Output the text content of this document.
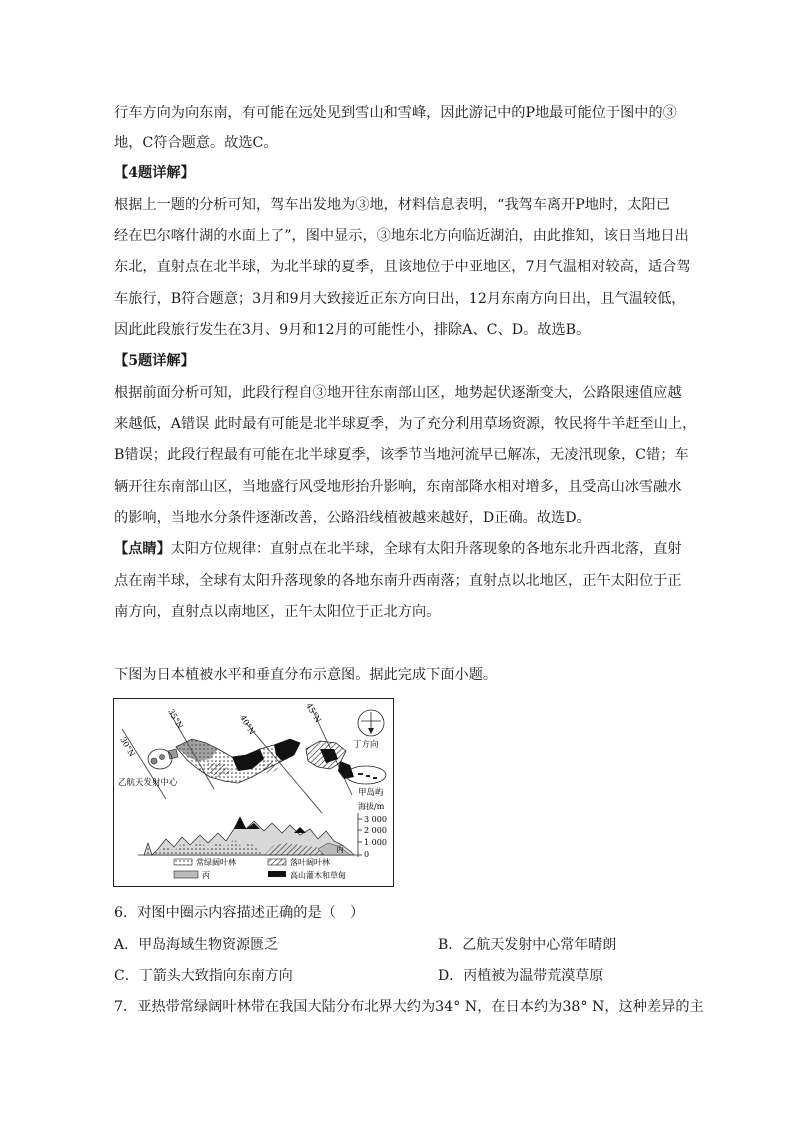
行车方向为向东南，有可能在远处见到雪山和雪峰，因此游记中的P地最可能位于图中的③
地，C符合题意。故选C。
【4题详解】
根据上一题的分析可知，驾车出发地为③地，材料信息表明，“我驾车离开P地时，太阳已
经在巴尔喀什湖的水面上了”，图中显示，③地东北方向临近湖泊，由此推知，该日当地日出
东北，直射点在北半球，为北半球的夏季，且该地位于中亚地区，7月气温相对较高，适合驾
车旅行，B符合题意；3月和9月大致接近正东方向日出，12月东南方向日出，且气温较低，
因此此段旅行发生在3月、9月和12月的可能性小，排除A、C、D。故选B。
【5题详解】
根据前面分析可知，此段行程自③地开往东南部山区，地势起伏逐渐变大，公路限速值应越
来越低，A错误 此时最有可能是北半球夏季，为了充分利用草场资源，牧民将牛羊赶至山上，
B错误；此段行程最有可能在北半球夏季，该季节当地河流早已解冻，无凌汛现象，C错；车
辆开往东南部山区，当地盛行风受地形抬升影响，东南部降水相对增多，且受高山冰雪融水
的影响，当地水分条件逐渐改善，公路沿线植被越来越好，D正确。故选D。
【点睛】太阳方位规律：直射点在北半球，全球有太阳升落现象的各地东北升西北落，直射
点在南半球，全球有太阳升落现象的各地东南升西南落；直射点以北地区，正午太阳位于正
南方向，直射点以南地区，正午太阳位于正北方向。
下图为日本植被水平和垂直分布示意图。据此完成下面小题。
30°N
35°N	40°N
45°N
乙航天发射中心
甲岛屿
丁方向
海拔/m
3 000
2 000
1 000
0
丙
常绿阔叶林	落叶阔叶林
丙	高山灌木和草甸
6．对图中圈示内容描述正确的是（　）
A．甲岛海域生物资源匮乏	B．乙航天发射中心常年晴朗
C．丁箭头大致指向东南方向	D．丙植被为温带荒漠草原
7．亚热带常绿阔叶林带在我国大陆分布北界大约为34° N，在日本约为38° N，这种差异的主
